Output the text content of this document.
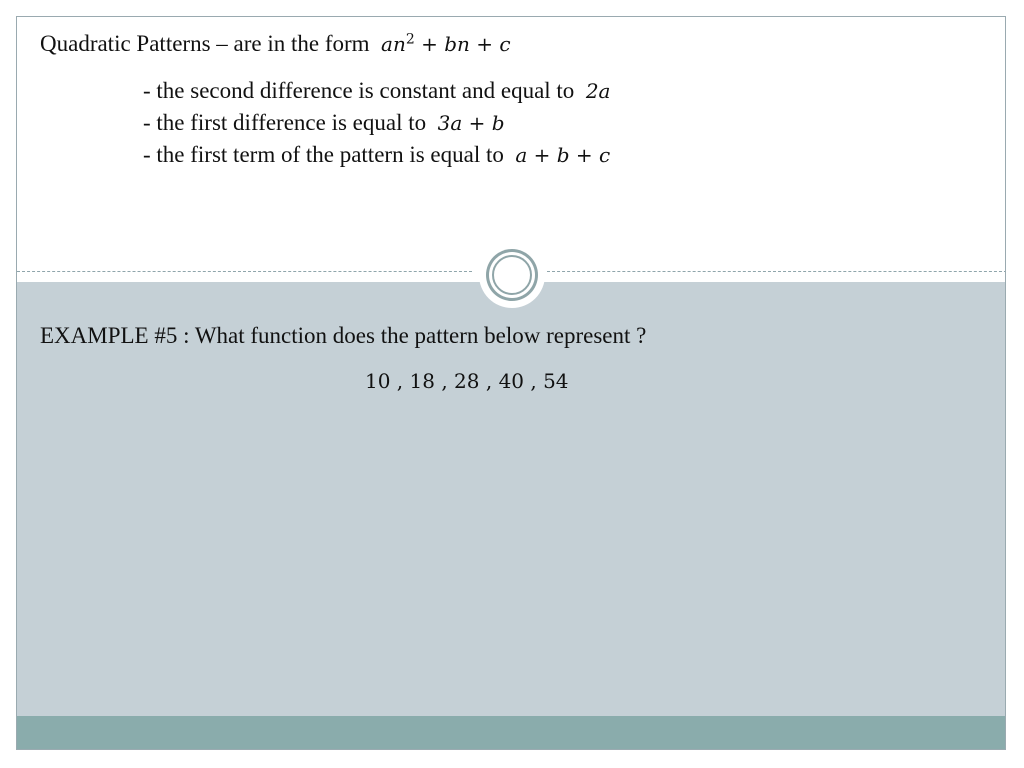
Quadratic Patterns – are in the form $an^2$ + bn + c
- the second difference is constant and equal to 2a
- the first difference is equal to 3a + b
- the first term of the pattern is equal to a + b + c
EXAMPLE #5 : What function does the pattern below represent ?
10 , 18 , 28 , 40 , 54
